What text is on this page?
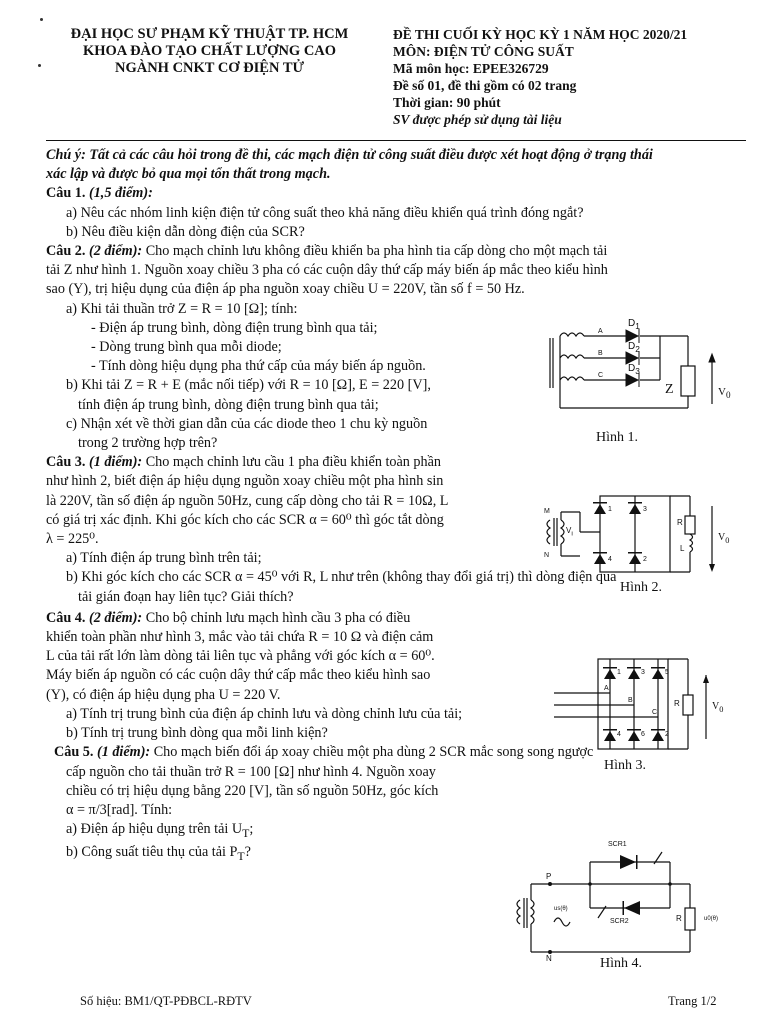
ĐẠI HỌC SƯ PHẠM KỸ THUẬT TP. HCM
KHOA ĐÀO TẠO CHẤT LƯỢNG CAO
NGÀNH CNKT CƠ ĐIỆN TỬ
ĐỀ THI CUỐI KỲ HỌC KỲ 1 NĂM HỌC 2020/21
MÔN: ĐIỆN TỬ CÔNG SUẤT
Mã môn học: EPEE326729
Đề số 01, đề thi gồm có 02 trang
Thời gian: 90 phút
SV được phép sử dụng tài liệu
Chú ý: Tất cả các câu hỏi trong đề thi, các mạch điện tử công suất điều được xét hoạt động ở trạng thái
xác lập và được bỏ qua mọi tổn thất trong mạch.
Câu 1. (1,5 điểm):
a) Nêu các nhóm linh kiện điện tử công suất theo khả năng điều khiển quá trình đóng ngắt?
b) Nêu điều kiện dẫn dòng điện của SCR?
Câu 2. (2 điểm): Cho mạch chỉnh lưu không điều khiển ba pha hình tia cấp dòng cho một mạch tải
tải Z như hình 1. Nguồn xoay chiều 3 pha có các cuộn dây thứ cấp máy biến áp mắc theo kiểu hình
sao (Y), trị hiệu dụng của điện áp pha nguồn xoay chiều U = 220V, tần số f = 50 Hz.
a) Khi tải thuần trở Z = R = 10 [Ω]; tính:
- Điện áp trung bình, dòng điện trung bình qua tải;
- Dòng trung bình qua mỗi diode;
- Tính dòng hiệu dụng pha thứ cấp của máy biến áp nguồn.
b) Khi tải Z = R + E (mắc nối tiếp) với R = 10 [Ω], E = 220 [V],
tính điện áp trung bình, dòng điện trung bình qua tải;
c) Nhận xét về thời gian dẫn của các diode theo 1 chu kỳ nguồn
trong 2 trường hợp trên?
Câu 3. (1 điểm): Cho mạch chỉnh lưu cầu 1 pha điều khiển toàn phần
như hình 2, biết điện áp hiệu dụng nguồn xoay chiều một pha hình sin
là 220V, tần số điện áp nguồn 50Hz, cung cấp dòng cho tải R = 10Ω, L
có giá trị xác định. Khi góc kích cho các SCR α = 60⁰ thì góc tắt dòng
λ = 225⁰.
a) Tính điện áp trung bình trên tải;
b) Khi góc kích cho các SCR α = 45⁰ với R, L như trên (không thay đổi giá trị) thì dòng điện qua
tải gián đoạn hay liên tục? Giải thích?
Câu 4. (2 điểm): Cho bộ chỉnh lưu mạch hình cầu 3 pha có điều
khiển toàn phần như hình 3, mắc vào tải chứa R = 10 Ω và điện cảm
L của tải rất lớn làm dòng tải liên tục và phẳng với góc kích α = 60⁰.
Máy biến áp nguồn có các cuộn dây thứ cấp mắc theo kiểu hình sao
(Y), có điện áp hiệu dụng pha U = 220 V.
a) Tính trị trung bình của điện áp chỉnh lưu và dòng chỉnh lưu của tải;
b) Tính trị trung bình dòng qua mỗi linh kiện?
Câu 5. (1 điểm): Cho mạch biến đổi áp xoay chiều một pha dùng 2 SCR mắc song song ngược
cấp nguồn cho tải thuần trở R = 100 [Ω] như hình 4. Nguồn xoay
chiều có trị hiệu dụng bằng 220 [V], tần số nguồn 50Hz, góc kích
α = π/3[rad]. Tính:
a) Điện áp hiệu dụng trên tải $U_T$;
b) Công suất tiêu thụ của tải $P_T$?
A
B
C
$D_1$
$D_2$
$D_3$
Z	$V_0$
Hình 1.
M
N
$V_i$
1	3
4	2
R
L
$V_0$
Hình 2.
A
B
C
1	3	5
4	6	2
R	$V_0$
Hình 3.
SCR1
SCR2
P
N
us(θ)
R	u0(θ)
Hình 4.
Số hiệu: BM1/QT-PĐBCL-RĐTV	Trang 1/2
